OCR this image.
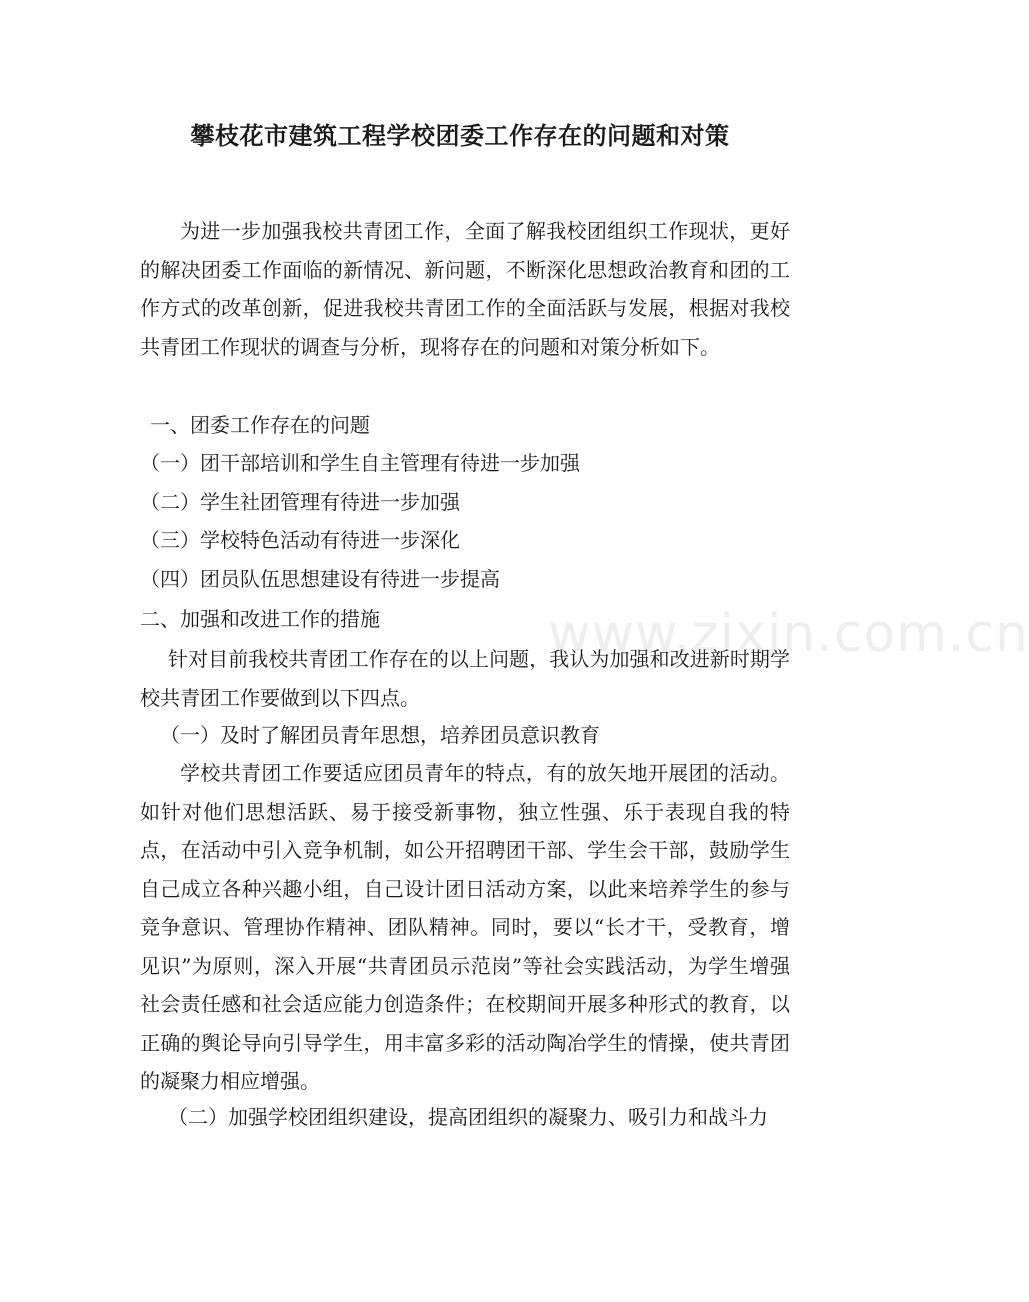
攀枝花市建筑工程学校团委工作存在的问题和对策
为进一步加强我校共青团工作，全面了解我校团组织工作现状，更好的解决团委工作面临的新情况、新问题，不断深化思想政治教育和团的工作方式的改革创新，促进我校共青团工作的全面活跃与发展，根据对我校共青团工作现状的调查与分析，现将存在的问题和对策分析如下。
一、团委工作存在的问题
（一）团干部培训和学生自主管理有待进一步加强
（二）学生社团管理有待进一步加强
（三）学校特色活动有待进一步深化
（四）团员队伍思想建设有待进一步提高
二、加强和改进工作的措施
针对目前我校共青团工作存在的以上问题，我认为加强和改进新时期学校共青团工作要做到以下四点。
（一）及时了解团员青年思想，培养团员意识教育
学校共青团工作要适应团员青年的特点，有的放矢地开展团的活动。如针对他们思想活跃、易于接受新事物，独立性强、乐于表现自我的特点，在活动中引入竞争机制，如公开招聘团干部、学生会干部，鼓励学生自己成立各种兴趣小组，自己设计团日活动方案，以此来培养学生的参与竞争意识、管理协作精神、团队精神。同时，要以“长才干，受教育，增见识”为原则，深入开展“共青团员示范岗”等社会实践活动，为学生增强社会责任感和社会适应能力创造条件；在校期间开展多种形式的教育，以正确的舆论导向引导学生，用丰富多彩的活动陶冶学生的情操，使共青团的凝聚力相应增强。
（二）加强学校团组织建设，提高团组织的凝聚力、吸引力和战斗力
www.zixin.com.cn
